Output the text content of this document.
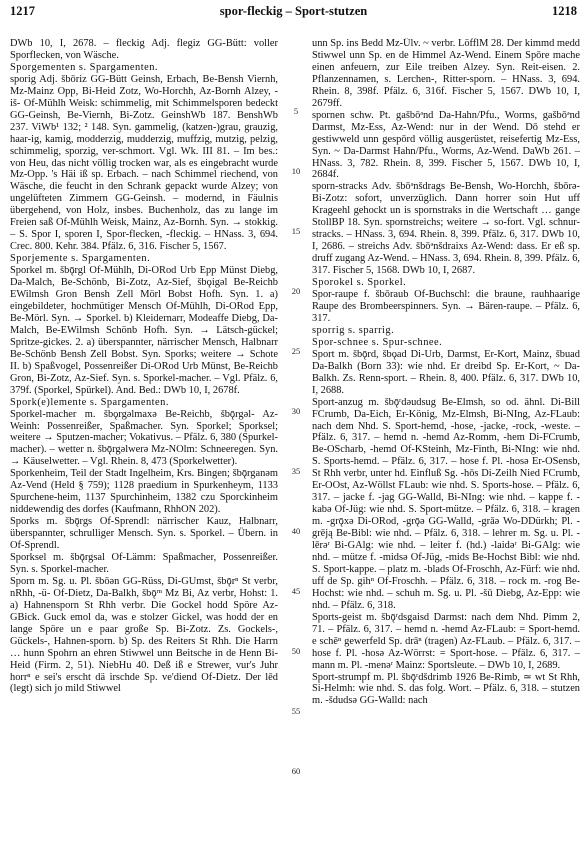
1217	spor-fleckig – Sport-stutzen	1218

DWb 10, I, 2678. – fleckig Adj. flegiz GG-Bütt: voller Sporflecken, von Wäsche.

Sporgementen s. Spargamenten.

sporig Adj. šbōriz GG-Bütt Geinsh, Erbach, Be-Bensh Viernh, Mz-Mainz Opp, Bi-Heid Zotz, Wo-Horchh, Az-Bornh Alzey, -iš- Of-Mühlh Weisk: schimmelig, mit Schimmelsporen bedeckt GG-Geinsh, Be-Viernh, Bi-Zotz. GeinshWb 187. BenshWb 237. ViWb¹ 132; ² 148. Syn. gammelig, (katzen-)grau, grauzig, haar-ig, kamig, modderzig, mudderzig, muffzig, mutzig, pelzig, schimmelig, sporzig, ver-schmort. Vgl. Wk. III 81. – Im bes.: von Heu, das nicht völlig trocken war, als es eingebracht wurde Mz-Opp. 's Häi iß sp. Erbach. – nach Schimmel riechend, von Wäsche, die feucht in den Schrank gepackt wurde Alzey; von ungelüfteten Zimmern GG-Geinsh. – modernd, in Fäulnis übergehend, von Holz, insbes. Buchenholz, das zu lange im Freien saß Of-Mühlh Weisk, Mainz, Az-Bornh. Syn. → stokkig. – S. Spor I, sporen I, Spor-flecken, -fleckig. – HNass. 3, 694. Crec. 800. Kehr. 384. Pfälz. 6, 316. Fischer 5, 1567.

Sporjemente s. Spargamenten.

Sporkel m. šbǭrgl Of-Mühlh, Di-ORod Urb Epp Münst Diebg, Da-Malch, Be-Schönb, Bi-Zotz, Az-Sief, šbǫigǝl Be-Reichb EWilmsh Gron Bensh Zell Mörl Bobst Hofh. Syn. 1. a) eingebildeter, hochmütiger Mensch Of-Mühlh, Di-ORod Epp, Be-Mörl. Syn. → Sporkel. b) Kleidernarr, Modeaffe Diebg, Da-Malch, Be-EWilmsh Schönb Hofh. Syn. → Lätsch-gückel; Spritze-gickes. 2. a) überspannter, närrischer Mensch, Halbnarr Be-Schönb Bensh Zell Bobst. Syn. Sporks; weitere → Schote II. b) Spaßvogel, Possenreißer Di-ORod Urb Münst, Be-Reichb Gron, Bi-Zotz, Az-Sief. Syn. s. Sporkel-macher. – Vgl. Pfälz. 6, 379f. (Sporkel, Spürkel). And. Bed.: DWb 10, I, 2678f.

Spork(e)lemente s. Spargamenten.

Sporkel-macher m. šbǫrgǝlmaxǝ Be-Reichb, šbǭrgǝl- Az-Weinh: Possenreißer, Spaßmacher. Syn. Sporkel; Sporksel; weitere → Sputzen-macher; Vokativus. – Pfälz. 6, 380 (Spurkel-macher). – wetter n. šbǭrgǝlwerǝ Mz-NOlm: Schneeregen. Syn. → Käuselwetter. – Vgl. Rhein. 8, 473 (Sporkelwetter).

Sporkenheim, Teil der Stadt Ingelheim, Krs. Bingen; šbǭrganǝm Az-Vend (Held § 759); 1128 praedium in Spurkenheym, 1133 Spurchene-heim, 1137 Spurchinheim, 1382 czu Sporckinheim niddewendig des dorfes (Kaufmann, RhhON 202).

Sporks m. šbǭrgs Of-Sprendl: närrischer Kauz, Halbnarr, überspannter, schrulliger Mensch. Syn. s. Sporkel. – Übern. in Of-Sprendl.

Sporksel m. šbǭrgsal Of-Lämm: Spaßmacher, Possenreißer. Syn. s. Sporkel-macher.

Sporn m. Sg. u. Pl. šbōǝn GG-Rüss, Di-GUmst, šbǭrⁿ St verbr, nRhh, -ü- Of-Dietz, Da-Balkh, šbǭʳⁿ Mz Bi, Az verbr, Hohst: 1. a) Hahnensporn St Rhh verbr. Die Gockel hodd Spöre Az-GBick. Guck emol da, was e stolzer Gickel, was hodd der en lange Spöre un e paar große Sp. Bi-Zotz. Zs. Gockels-, Gückels-, Hahnen-sporn. b) Sp. des Reiters St Rhh. Die Harrn … hunn Spohrn an ehren Stiwwel unn Beitsche in de Henn Bi-Heid (Firm. 2, 51). NiebHu 40. Deß iß e Strewer, vur's Juhr horrⁿ e sei's erscht dä irschde Sp. ve'diend Of-Dietz. Der lēd (legt) sich jo mild Stiwwel

5
10
15
20
25
30
35
40
45
50
55
60

unn Sp. ins Bedd Mz-Ülv. ~ verbr. LöfflM 28. Der kimmd medd Stiwwel unn Sp. en de Himmel Az-Wend. Einem Spōre mache einen anfeuern, zur Eile treiben Alzey. Syn. Reit-eisen. 2. Pflanzennamen, s. Lerchen-, Ritter-sporn. – HNass. 3, 694. Rhein. 8, 398f. Pfälz. 6, 316f. Fischer 5, 1567. DWb 10, I, 2679ff.

spornen schw. Pt. gašbōᵊnd Da-Hahn/Pfu., Worms, gašbōᵊnd Darmst, Mz-Ess, Az-Wend: nur in der Wend. Dō stehd er gestiwweld unn gespōrd völlig ausgerüstet, reisefertig Mz-Ess, Syn. ~ Da-Darmst Hahn/Pfu., Worms, Az-Wend. DaWb 261. – HNass. 3, 782. Rhein. 8, 399. Fischer 5, 1567. DWb 10, I, 2684f.

sporn-stracks Adv. šbōᵊnšdrags Be-Bensh, Wo-Horchh, šbōrǝ- Bi-Zotz: sofort, unverzüglich. Dann horrer soin Hut uff Krageehl gehockt un is spornstraks in die Wertschaft … gange StollBP 18. Syn. spornstreichs; weitere → so-fort. Vgl. schnur-stracks. – HNass. 3, 694. Rhein. 8, 399. Pfälz. 6, 317. DWb 10, I, 2686. – streichs Adv. šbōᵊnšdraixs Az-Wend: dass. Er eß sp. druff zugang Az-Wend. – HNass. 3, 694. Rhein. 8, 399. Pfälz. 6, 317. Fischer 5, 1568. DWb 10, I, 2687.

Sporokel s. Sporkel.

Spor-raupe f. šbōraub Of-Buchschl: die braune, rauhhaarige Raupe des Brombeerspinners. Syn. → Bären-raupe. – Pfälz. 6, 317.

sporrig s. sparrig.

Spor-schnee s. Spur-schnee.

Sport m. šbǭrd, šbǫad Di-Urb, Darmst, Er-Kort, Mainz, šbuad Da-Balkh (Born 33): wie nhd. Er dreibd Sp. Er-Kort, ~ Da-Balkh. Zs. Renn-sport. – Rhein. 8, 400. Pfälz. 6, 317. DWb 10, I, 2688.

Sport-anzug m. šbǭʳdǝudsug Be-Elmsh, so od. ähnl. Di-Bill FCrumb, Da-Eich, Er-König, Mz-Elmsh, Bi-NIng, Az-FLaub: nach dem Nhd. S. Sport-hemd, -hose, -jacke, -rock, -weste. – Pfälz. 6, 317. – hemd n. -hemd Az-Romm, -hem Di-FCrumb, Be-OScharb, -hemd Of-KSteinh, Mz-Finth, Bi-NIng: wie nhd. S. Sports-hemd. – Pfälz. 6, 317. – hose f. Pl. -hosǝ Er-OSensb, St Rhh verbr, unter hd. Einfluß Sg. -hōs Di-Zeilh Nied FCrumb, Er-OOst, Az-Wöllst FLaub: wie nhd. S. Sports-hose. – Pfälz. 6, 317. – jacke f. -jag GG-Walld, Bi-NIng: wie nhd. – kappe f. -kabǝ Of-Jüg: wie nhd. S. Sport-mütze. – Pfälz. 6, 318. – kragen m. -grǭxǝ Di-ORod, -grǭǝ GG-Walld, -grāǝ Wo-DDürkh; Pl. -grēją Be-Bibl: wie nhd. – Pfälz. 6, 318. – lehrer m. Sg. u. Pl. -lērǝʳ Bi-GAlg: wie nhd. – leiter f. (hd.) -laidǝʳ Bi-GAlg: wie nhd. – mütze f. -midsǝ Of-Jüg, -mids Be-Hochst Bibl: wie nhd. S. Sport-kappe. – platz m. -blads Of-Froschh, Az-Fürf: wie nhd. uff de Sp. gihⁿ Of-Froschh. – Pfälz. 6, 318. – rock m. -rog Be-Hochst: wie nhd. – schuh m. Sg. u. Pl. -šū Diebg, Az-Epp: wie nhd. – Pfälz. 6, 318.

Sports-geist m. šbǭʳdsgaisd Darmst: nach dem Nhd. Pimm 2, 71. – Pfälz. 6, 317. – hemd n. -hemd Az-FLaub: = Sport-hemd. e schēⁿ gewerfeld Sp. drāⁿ (tragen) Az-FLaub. – Pfälz. 6, 317. – hose f. Pl. -hosǝ Az-Wörrst: = Sport-hose. – Pfälz. 6, 317. – mann m. Pl. -menǝʳ Mainz: Sportsleute. – DWb 10, I, 2689.

Sport-strumpf m. Pl. šbǭʳdšdrimb 1926 Be-Rimb, ≃ wt St Rhh, Si-Helmh: wie nhd. S. das folg. Wort. – Pfälz. 6, 318. – stutzen m. -šdudsǝ GG-Walld: nach
